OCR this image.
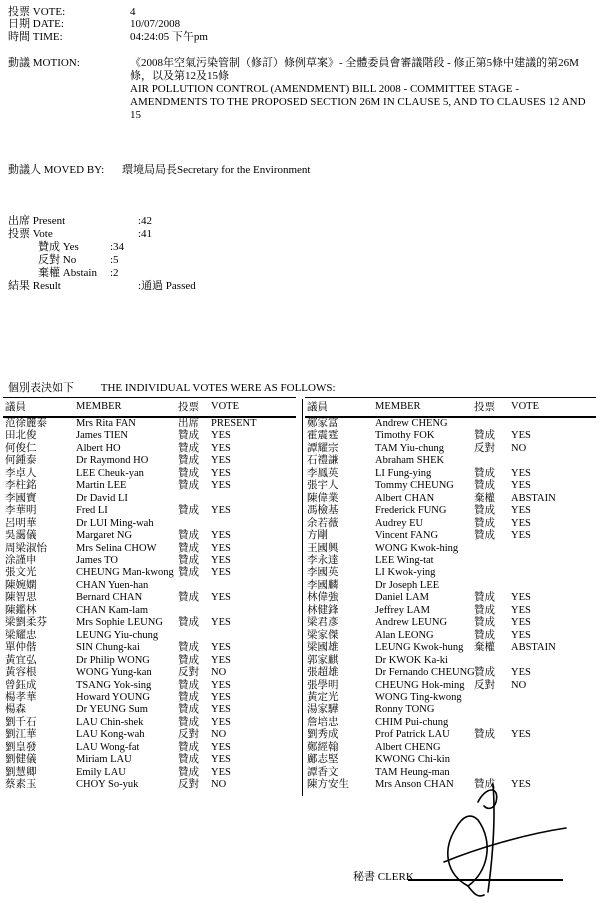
投票 VOTE:	4
日期 DATE:	10/07/2008
時間 TIME:	04:24:05 下午pm
動議 MOTION:	《2008年空氣污染管制（修訂）條例草案》- 全體委員會審議階段 - 修正第5條中建議的第26M條，以及第12及15條
AIR POLLUTION CONTROL (AMENDMENT) BILL 2008 - COMMITTEE STAGE - AMENDMENTS TO THE PROPOSED SECTION 26M IN CLAUSE 5, AND TO CLAUSES 12 AND 15
動議人 MOVED BY:	環境局局長Secretary for the Environment
出席 Present	:42
投票 Vote	:41
贊成 Yes	:34
反對 No	:5
棄權 Abstain :2
結果 Result	:通過 Passed
個別表決如下 THE INDIVIDUAL VOTES WERE AS FOLLOWS:
議員	MEMBER	投票	VOTE
范徐麗泰	Mrs Rita FAN	出席	PRESENT
田北俊	James TIEN	贊成	YES
何俊仁	Albert HO	贊成	YES
何鍾泰	Dr Raymond HO	贊成	YES
李卓人	LEE Cheuk-yan	贊成	YES
李柱銘	Martin LEE	贊成	YES
李國寶	Dr David LI		
李華明	Fred LI	贊成	YES
呂明華	Dr LUI Ming-wah		
吳靄儀	Margaret NG	贊成	YES
周梁淑怡	Mrs Selina CHOW	贊成	YES
涂謹申	James TO	贊成	YES
張文光	CHEUNG Man-kwong	贊成	YES
陳婉嫻	CHAN Yuen-han		
陳智思	Bernard CHAN	贊成	YES
陳鑑林	CHAN Kam-lam		
梁劉柔芬	Mrs Sophie LEUNG	贊成	YES
梁耀忠	LEUNG Yiu-chung		
單仲偕	SIN Chung-kai	贊成	YES
黃宜弘	Dr Philip WONG	贊成	YES
黃容根	WONG Yung-kan	反對	NO
曾鈺成	TSANG Yok-sing	贊成	YES
楊孝華	Howard YOUNG	贊成	YES
楊森	Dr YEUNG Sum	贊成	YES
劉千石	LAU Chin-shek	贊成	YES
劉江華	LAU Kong-wah	反對	NO
劉皇發	LAU Wong-fat	贊成	YES
劉健儀	Miriam LAU	贊成	YES
劉慧卿	Emily LAU	贊成	YES
蔡素玉	CHOY So-yuk	反對	NO
議員	MEMBER	投票	VOTE
鄭家富	Andrew CHENG		
霍震霆	Timothy FOK	贊成	YES
譚耀宗	TAM Yiu-chung	反對	NO
石禮謙	Abraham SHEK		
李鳳英	LI Fung-ying	贊成	YES
張宇人	Tommy CHEUNG	贊成	YES
陳偉業	Albert CHAN	棄權	ABSTAIN
馮檢基	Frederick FUNG	贊成	YES
余若薇	Audrey EU	贊成	YES
方剛	Vincent FANG	贊成	YES
王國興	WONG Kwok-hing		
李永達	LEE Wing-tat		
李國英	LI Kwok-ying		
李國麟	Dr Joseph LEE		
林偉強	Daniel LAM	贊成	YES
林健鋒	Jeffrey LAM	贊成	YES
梁君彥	Andrew LEUNG	贊成	YES
梁家傑	Alan LEONG	贊成	YES
梁國雄	LEUNG Kwok-hung	棄權	ABSTAIN
郭家麒	Dr KWOK Ka-ki		
張超雄	Dr Fernando CHEUNG	贊成	YES
張學明	CHEUNG Hok-ming	反對	NO
黃定光	WONG Ting-kwong		
湯家驊	Ronny TONG		
詹培忠	CHIM Pui-chung		
劉秀成	Prof Patrick LAU	贊成	YES
鄭經翰	Albert CHENG		
鄺志堅	KWONG Chi-kin		
譚香文	TAM Heung-man		
陳方安生	Mrs Anson CHAN	贊成	YES
秘書 CLERK
